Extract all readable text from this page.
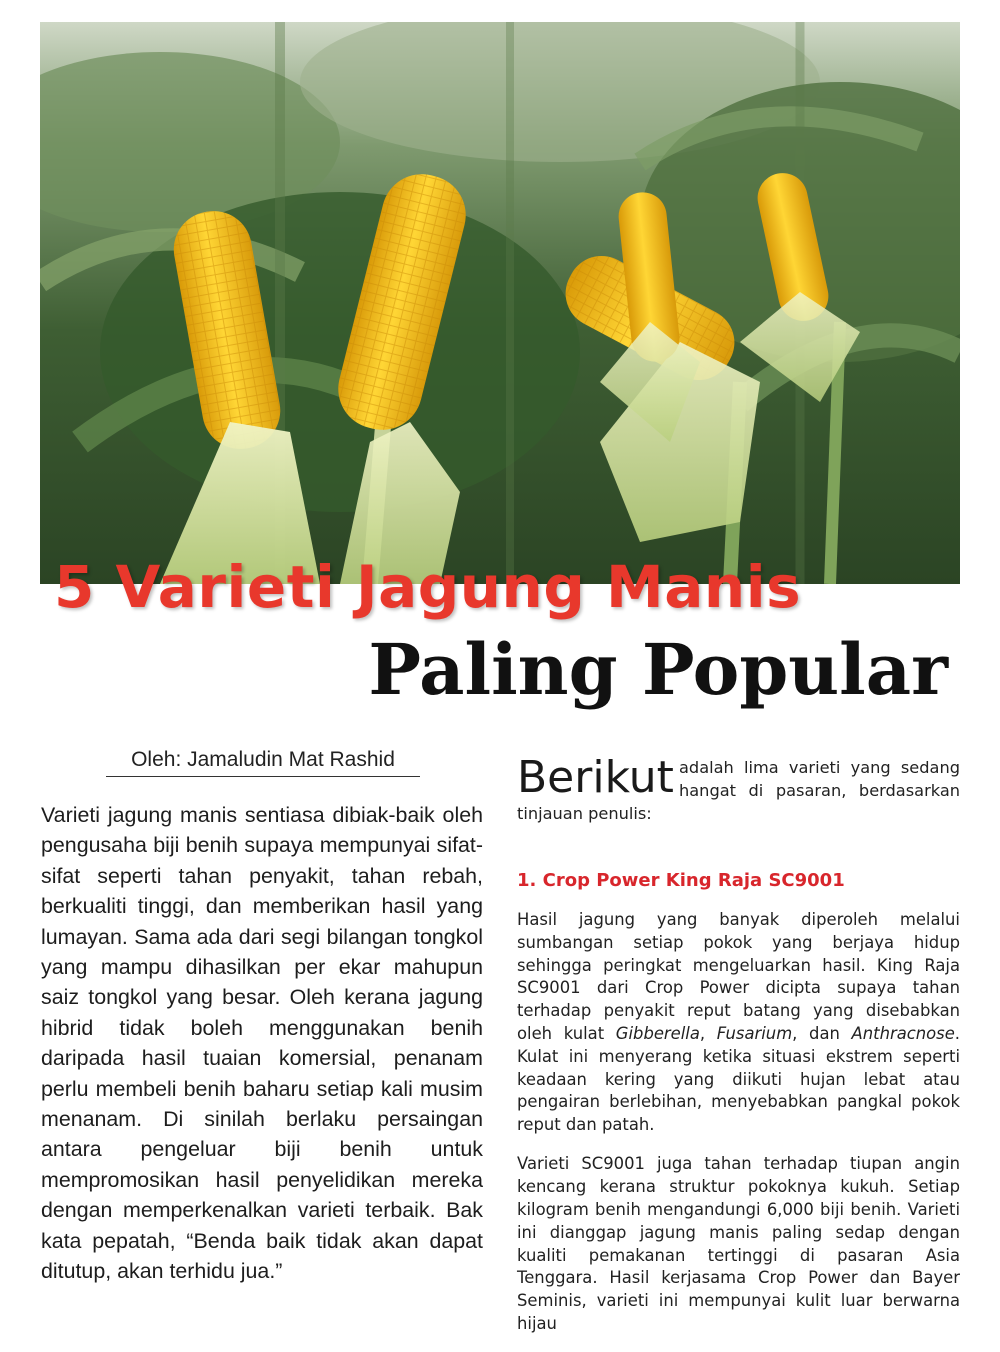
5 Varieti Jagung Manis
Paling Popular
Oleh: Jamaludin Mat Rashid
Varieti jagung manis sentiasa dibiak-baik oleh pengusaha biji benih supaya mempunyai sifat-sifat seperti tahan penyakit, tahan rebah, berkualiti tinggi, dan memberikan hasil yang lumayan. Sama ada dari segi bilangan tongkol yang mampu dihasilkan per ekar mahupun saiz tongkol yang besar. Oleh kerana jagung hibrid tidak boleh menggunakan benih daripada hasil tuaian komersial, penanam perlu membeli benih baharu setiap kali musim menanam. Di sinilah berlaku persaingan antara pengeluar biji benih untuk mempromosikan hasil penyelidikan mereka dengan memperkenalkan varieti terbaik. Bak kata pepatah, “Benda baik tidak akan dapat ditutup, akan terhidu jua.”
Berikut adalah lima varieti yang sedang
hangat di pasaran, berdasarkan
tinjauan penulis:
1. Crop Power King Raja SC9001

Hasil jagung yang banyak diperoleh melalui sumbangan setiap pokok yang berjaya hidup sehingga peringkat mengeluarkan hasil. King Raja SC9001 dari Crop Power dicipta supaya tahan terhadap penyakit reput batang yang disebabkan oleh kulat Gibberella, Fusarium, dan Anthracnose. Kulat ini menyerang ketika situasi ekstrem seperti keadaan kering yang diikuti hujan lebat atau pengairan berlebihan, menyebabkan pangkal pokok reput dan patah.

Varieti SC9001 juga tahan terhadap tiupan angin kencang kerana struktur pokoknya kukuh. Setiap kilogram benih mengandungi 6,000 biji benih. Varieti ini dianggap jagung manis paling sedap dengan kualiti pemakanan tertinggi di pasaran Asia Tenggara. Hasil kerjasama Crop Power dan Bayer Seminis, varieti ini mempunyai kulit luar berwarna hijau
